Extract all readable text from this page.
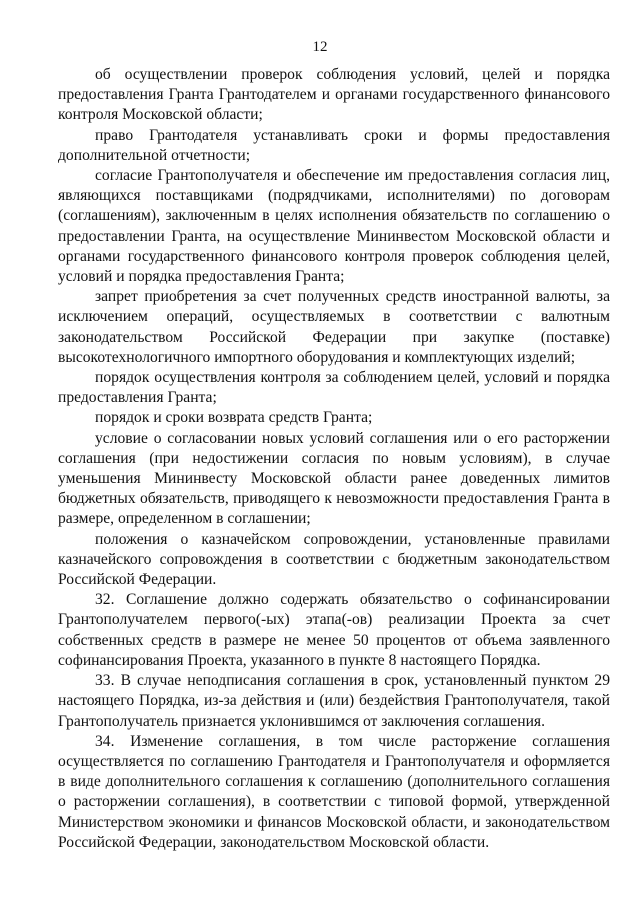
12

об осуществлении проверок соблюдения условий, целей и порядка предоставления Гранта Грантодателем и органами государственного финансового контроля Московской области;

право Грантодателя устанавливать сроки и формы предоставления дополнительной отчетности;

согласие Грантополучателя и обеспечение им предоставления согласия лиц, являющихся поставщиками (подрядчиками, исполнителями) по договорам (соглашениям), заключенным в целях исполнения обязательств по соглашению о предоставлении Гранта, на осуществление Мининвестом Московской области и органами государственного финансового контроля проверок соблюдения целей, условий и порядка предоставления Гранта;

запрет приобретения за счет полученных средств иностранной валюты, за исключением операций, осуществляемых в соответствии с валютным законодательством Российской Федерации при закупке (поставке) высокотехнологичного импортного оборудования и комплектующих изделий;

порядок осуществления контроля за соблюдением целей, условий и порядка предоставления Гранта;

порядок и сроки возврата средств Гранта;

условие о согласовании новых условий соглашения или о его расторжении соглашения (при недостижении согласия по новым условиям), в случае уменьшения Мининвесту Московской области ранее доведенных лимитов бюджетных обязательств, приводящего к невозможности предоставления Гранта в размере, определенном в соглашении;

положения о казначейском сопровождении, установленные правилами казначейского сопровождения в соответствии с бюджетным законодательством Российской Федерации.

32. Соглашение должно содержать обязательство о софинансировании Грантополучателем первого(-ых) этапа(-ов) реализации Проекта за счет собственных средств в размере не менее 50 процентов от объема заявленного софинансирования Проекта, указанного в пункте 8 настоящего Порядка.

33. В случае неподписания соглашения в срок, установленный пунктом 29 настоящего Порядка, из-за действия и (или) бездействия Грантополучателя, такой Грантополучатель признается уклонившимся от заключения соглашения.

34. Изменение соглашения, в том числе расторжение соглашения осуществляется по соглашению Грантодателя и Грантополучателя и оформляется в виде дополнительного соглашения к соглашению (дополнительного соглашения о расторжении соглашения), в соответствии с типовой формой, утвержденной Министерством экономики и финансов Московской области, и законодательством Российской Федерации, законодательством Московской области.
